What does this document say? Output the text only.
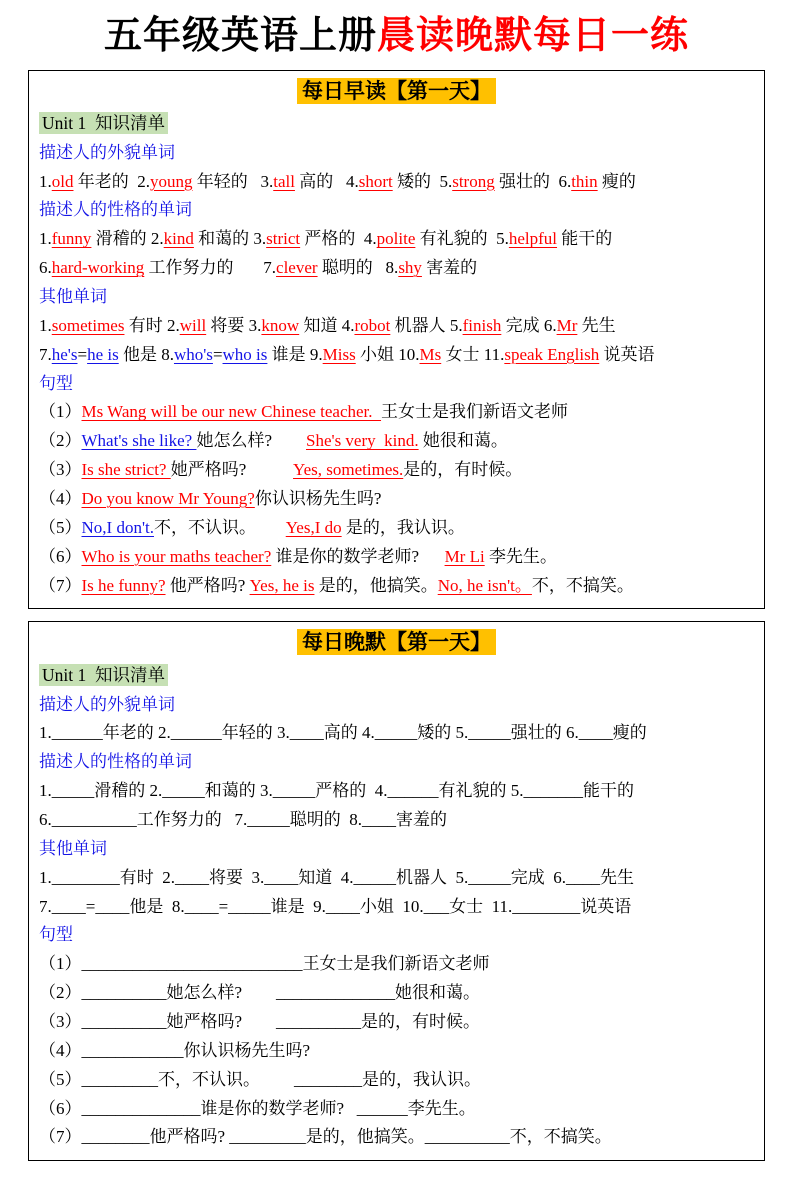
五年级英语上册晨读晚默每日一练
每日早读【第一天】

Unit 1  知识清单

描述人的外貌单词

1.old 年老的  2.young 年轻的   3.tall 高的   4.short 矮的  5.strong 强壮的  6.thin 瘦的

描述人的性格的单词

1.funny 滑稽的 2.kind 和蔼的 3.strict 严格的  4.polite 有礼貌的  5.helpful 能干的

6.hard-working 工作努力的       7.clever 聪明的   8.shy 害羞的

其他单词

1.sometimes 有时 2.will 将要 3.know 知道 4.robot 机器人 5.finish 完成 6.Mr 先生

7.he's=he is 他是 8.who's=who is 谁是 9.Miss 小姐 10.Ms 女士 11.speak English 说英语

句型

（1）Ms Wang will be our new Chinese teacher.  王女士是我们新语文老师

（2）What's she like? 她怎么样?        She's very  kind. 她很和蔼。

（3）Is she strict? 她严格吗?           Yes, sometimes.是的，有时候。

（4）Do you know Mr Young?你认识杨先生吗?

（5）No,I don't.不，不认识。       Yes,I do 是的，我认识。

（6）Who is your maths teacher? 谁是你的数学老师?      Mr Li 李先生。

（7）Is he funny? 他严格吗? Yes, he is 是的，他搞笑。No, he isn't。不，不搞笑。

每日晚默【第一天】

Unit 1  知识清单

描述人的外貌单词

1.______年老的 2.______年轻的 3.____高的 4._____矮的 5._____强壮的 6.____瘦的

描述人的性格的单词

1._____滑稽的 2._____和蔼的 3._____严格的  4.______有礼貌的 5._______能干的

6.__________工作努力的   7._____聪明的  8.____害羞的

其他单词

1.________有时  2.____将要  3.____知道  4._____机器人  5._____完成  6.____先生

7.____=____他是  8.____=_____谁是  9.____小姐  10.___女士  11.________说英语

句型

（1）__________________________王女士是我们新语文老师

（2）__________她怎么样?        ______________她很和蔼。

（3）__________她严格吗?        __________是的，有时候。

（4）____________你认识杨先生吗?

（5）_________不，不认识。        ________是的，我认识。

（6）______________谁是你的数学老师?   ______李先生。

（7）________他严格吗? _________是的，他搞笑。__________不，不搞笑。
